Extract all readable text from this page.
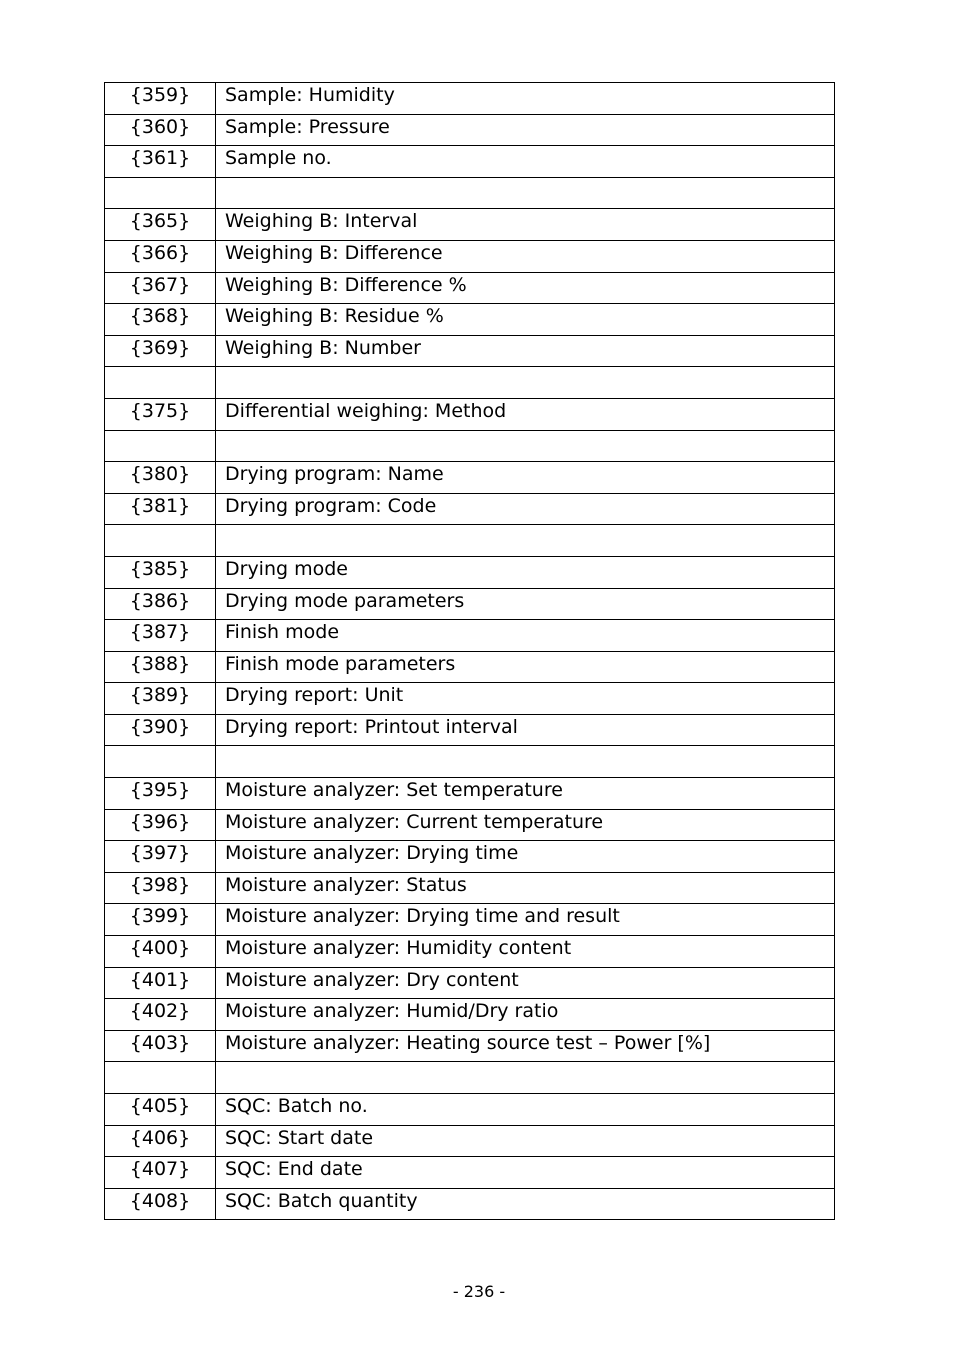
{359}	Sample: Humidity
{360}	Sample: Pressure
{361}	Sample no.

{365}	Weighing B: Interval
{366}	Weighing B: Difference
{367}	Weighing B: Difference %
{368}	Weighing B: Residue %
{369}	Weighing B: Number

{375}	Differential weighing: Method

{380}	Drying program: Name
{381}	Drying program: Code

{385}	Drying mode
{386}	Drying mode parameters
{387}	Finish mode
{388}	Finish mode parameters
{389}	Drying report: Unit
{390}	Drying report: Printout interval

{395}	Moisture analyzer: Set temperature
{396}	Moisture analyzer: Current temperature
{397}	Moisture analyzer: Drying time
{398}	Moisture analyzer: Status
{399}	Moisture analyzer: Drying time and result
{400}	Moisture analyzer: Humidity content
{401}	Moisture analyzer: Dry content
{402}	Moisture analyzer: Humid/Dry ratio
{403}	Moisture analyzer: Heating source test – Power [%]

{405}	SQC: Batch no.
{406}	SQC: Start date
{407}	SQC: End date
{408}	SQC: Batch quantity
- 236 -
